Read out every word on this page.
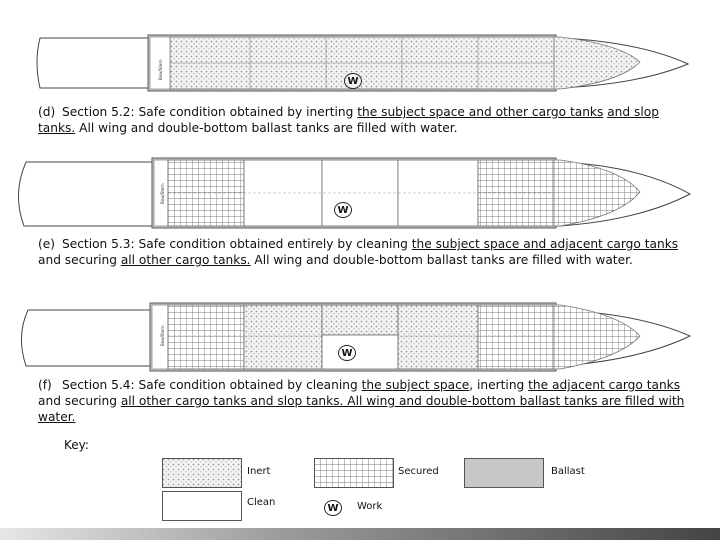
Bow/Stern
Bow/Stern
Bow/Stern
W
W
W
(d) Section 5.2: Safe condition obtained by inerting the subject space and other cargo tanks and slop tanks. All wing and double-bottom ballast tanks are filled with water.
(e) Section 5.3: Safe condition obtained entirely by cleaning the subject space and adjacent cargo tanks and securing all other cargo tanks. All wing and double-bottom ballast tanks are filled with water.
(f) Section 5.4: Safe condition obtained by cleaning the subject space, inerting the adjacent cargo tanks and securing all other cargo tanks and slop tanks. All wing and double-bottom ballast tanks are filled with water.
Key:
Inert	Secured	Ballast
Clean
W	Work
